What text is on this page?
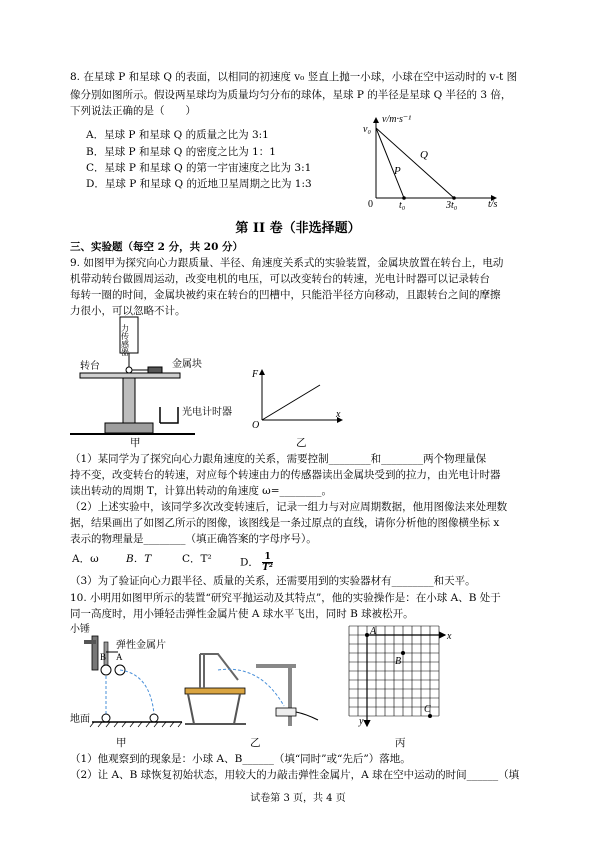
8. 在星球 P 和星球 Q 的表面，以相同的初速度 v₀ 竖直上抛一小球，小球在空中运动时的 v-t 图
像分别如图所示。假设两星球均为质量均匀分布的球体，星球 P 的半径是星球 Q 半径的 3 倍，
下列说法正确的是（　　）
A．星球 P 和星球 Q 的质量之比为 3:1
B．星球 P 和星球 Q 的密度之比为 1：1
C．星球 P 和星球 Q 的第一宇宙速度之比为 3:1
D．星球 P 和星球 Q 的近地卫星周期之比为 1:3
v/m·s⁻¹
v₀
0	t₀	3t₀	t/s
P
Q
第 II 卷（非选择题）
三、实验题（每空 2 分，共 20 分）
9. 如图甲为探究向心力跟质量、半径、角速度关系式的实验装置，金属块放置在转台上，电动
机带动转台做圆周运动，改变电机的电压，可以改变转台的转速，光电计时器可以记录转台
每转一圈的时间，金属块被约束在转台的凹槽中，只能沿半径方向移动，且跟转台之间的摩擦
力很小，可以忽略不计。
力传感器
转台	金属块
光电计时器
F
O
x
甲	乙
（1）某同学为了探究向心力跟角速度的关系，需要控制________和________两个物理量保
持不变，改变转台的转速，对应每个转速由力的传感器读出金属块受到的拉力，由光电计时器
读出转动的周期 T，计算出转动的角速度 ω=________。
（2）上述实验中，该同学多次改变转速后，记录一组力与对应周期数据，他用图像法来处理数
据，结果画出了如图乙所示的图像，该图线是一条过原点的直线，请你分析他的图像横坐标 x
表示的物理量是________（填正确答案的字母序号）。
A．ω	B．T	C．T²	D． $\frac{1}{\text{T²}}$
（3）为了验证向心力跟半径、质量的关系，还需要用到的实验器材有________和天平。
10. 小明用如图甲所示的装置“研究平抛运动及其特点”，他的实验操作是：在小球 A、B 处于
同一高度时，用小锤轻击弹性金属片使 A 球水平飞出，同时 B 球被松开。
小锤
弹性金属片
B A
地面
A
B
C
x
y
甲	乙	丙
（1）他观察到的现象是：小球 A、B______（填“同时”或“先后”）落地。
（2）让 A、B 球恢复初始状态，用较大的力敲击弹性金属片，A 球在空中运动的时间______（填
试卷第 3 页，共 4 页
